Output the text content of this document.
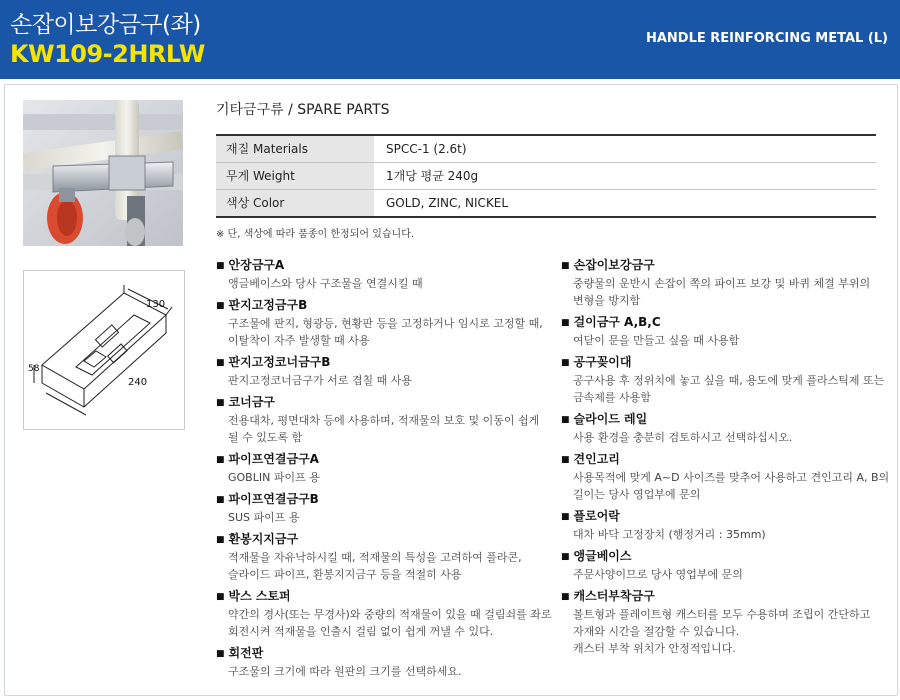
손잡이보강금구(좌)
KW109-2HRLW
HANDLE REINFORCING METAL (L)
130
58
240
기타금구류 / SPARE PARTS
재질 Materials	SPCC-1 (2.6t)
무게 Weight	1개당 평균 240g
색상 Color	GOLD, ZINC, NICKEL
※ 단, 색상에 따라 품종이 한정되어 있습니다.
■ 안장금구A
앵글베이스와 당사 구조물을 연결시킬 때
■ 판지고정금구B
구조물에 판지, 형광등, 현황판 등을 고정하거나 임시로 고정할 때,
이탈착이 자주 발생할 때 사용
■ 판지고정코너금구B
판지고정코너금구가 서로 겹칠 때 사용
■ 코너금구
전용대차, 평면대차 등에 사용하며, 적재물의 보호 및 이동이 쉽게
될 수 있도록 함
■ 파이프연결금구A
GOBLIN 파이프 용
■ 파이프연결금구B
SUS 파이프 용
■ 환봉지지금구
적재물을 자유낙하시킬 때, 적재물의 특성을 고려하여 플라콘,
슬라이드 파이프, 환봉지지금구 등을 적절히 사용
■ 박스 스토퍼
약간의 경사(또는 무경사)와 중량의 적재물이 있을 때 걸림쇠를 좌로
회전시켜 적재물을 인출시 걸림 없이 쉽게 꺼낼 수 있다.
■ 회전판
구조물의 크기에 따라 원판의 크기를 선택하세요.
■ 손잡이보강금구
중량물의 운반시 손잡이 쪽의 파이프 보강 및 바퀴 체결 부위의
변형을 방지함
■ 걸이금구 A,B,C
여닫이 문을 만들고 싶을 때 사용함
■ 공구꽂이대
공구사용 후 정위치에 놓고 싶을 때, 용도에 맞게 플라스틱제 또는
금속제를 사용함
■ 슬라이드 레일
사용 환경을 충분히 검토하시고 선택하십시오.
■ 견인고리
사용목적에 맞게 A~D 사이즈를 맞추어 사용하고 견인고리 A, B의
길이는 당사 영업부에 문의
■ 플로어락
대차 바닥 고정장치 (행정거리 : 35mm)
■ 앵글베이스
주문사양이므로 당사 영업부에 문의
■ 캐스터부착금구
볼트형과 플레이트형 캐스터를 모두 수용하며 조립이 간단하고
자재와 시간을 절감할 수 있습니다.
캐스터 부착 위치가 안정적입니다.
